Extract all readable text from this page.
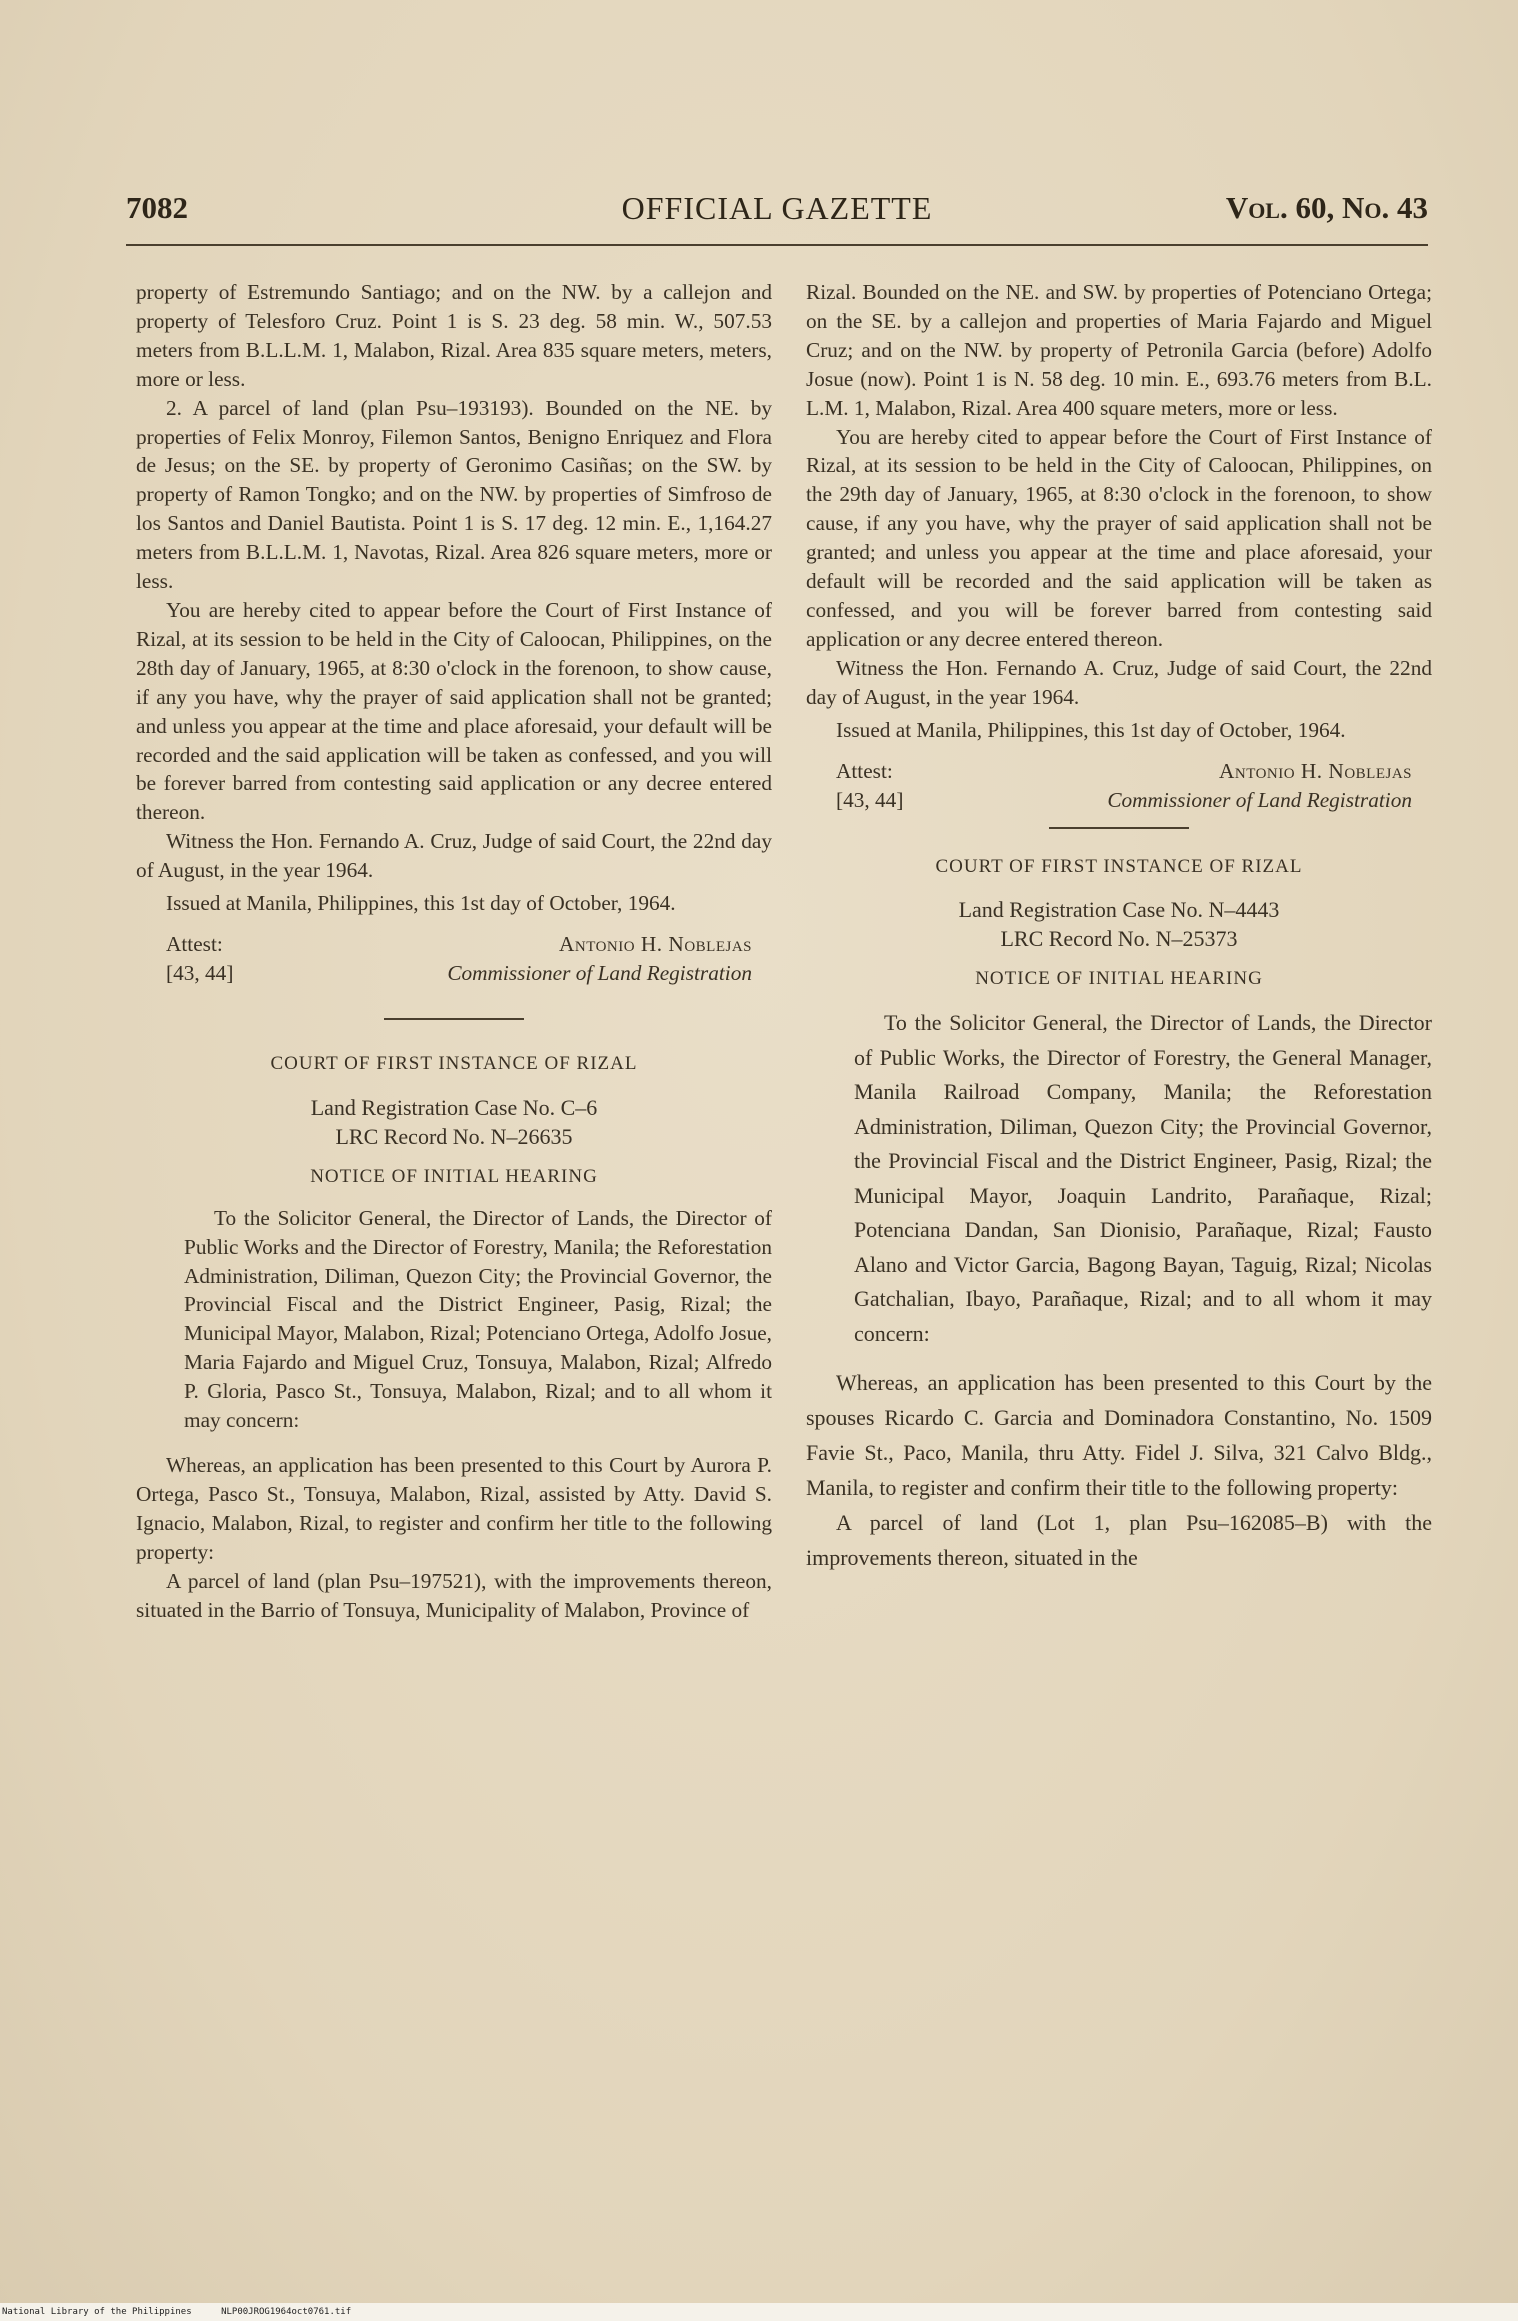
7082	OFFICIAL GAZETTE	Vol. 60, No. 43

property of Estremundo Santiago; and on the NW. by a callejon and property of Telesforo Cruz. Point 1 is S. 23 deg. 58 min. W., 507.53 meters from B.L.L.M. 1, Malabon, Rizal. Area 835 square meters, meters, more or less.

2. A parcel of land (plan Psu–193193). Bounded on the NE. by properties of Felix Monroy, Filemon Santos, Benigno Enriquez and Flora de Jesus; on the SE. by property of Geronimo Casiñas; on the SW. by property of Ramon Tongko; and on the NW. by properties of Simfroso de los Santos and Daniel Bautista. Point 1 is S. 17 deg. 12 min. E., 1,164.27 meters from B.L.L.M. 1, Navotas, Rizal. Area 826 square meters, more or less.

You are hereby cited to appear before the Court of First Instance of Rizal, at its session to be held in the City of Caloocan, Philippines, on the 28th day of January, 1965, at 8:30 o'clock in the forenoon, to show cause, if any you have, why the prayer of said application shall not be granted; and unless you appear at the time and place aforesaid, your default will be recorded and the said application will be taken as confessed, and you will be forever barred from contesting said application or any decree entered thereon.

Witness the Hon. Fernando A. Cruz, Judge of said Court, the 22nd day of August, in the year 1964.

Issued at Manila, Philippines, this 1st day of October, 1964.

Attest:	Antonio H. Noblejas
[43, 44]	Commissioner of Land Registration
COURT OF FIRST INSTANCE OF RIZAL
Land Registration Case No. C–6
LRC Record No. N–26635
NOTICE OF INITIAL HEARING

To the Solicitor General, the Director of Lands, the Director of Public Works and the Director of Forestry, Manila; the Reforestation Administration, Diliman, Quezon City; the Provincial Governor, the Provincial Fiscal and the District Engineer, Pasig, Rizal; the Municipal Mayor, Malabon, Rizal; Potenciano Ortega, Adolfo Josue, Maria Fajardo and Miguel Cruz, Tonsuya, Malabon, Rizal; Alfredo P. Gloria, Pasco St., Tonsuya, Malabon, Rizal; and to all whom it may concern:

Whereas, an application has been presented to this Court by Aurora P. Ortega, Pasco St., Tonsuya, Malabon, Rizal, assisted by Atty. David S. Ignacio, Malabon, Rizal, to register and confirm her title to the following property:

A parcel of land (plan Psu–197521), with the improvements thereon, situated in the Barrio of Tonsuya, Municipality of Malabon, Province of

Rizal. Bounded on the NE. and SW. by properties of Potenciano Ortega; on the SE. by a callejon and properties of Maria Fajardo and Miguel Cruz; and on the NW. by property of Petronila Garcia (before) Adolfo Josue (now). Point 1 is N. 58 deg. 10 min. E., 693.76 meters from B.L. L.M. 1, Malabon, Rizal. Area 400 square meters, more or less.

You are hereby cited to appear before the Court of First Instance of Rizal, at its session to be held in the City of Caloocan, Philippines, on the 29th day of January, 1965, at 8:30 o'clock in the forenoon, to show cause, if any you have, why the prayer of said application shall not be granted; and unless you appear at the time and place aforesaid, your default will be recorded and the said application will be taken as confessed, and you will be forever barred from contesting said application or any decree entered thereon.

Witness the Hon. Fernando A. Cruz, Judge of said Court, the 22nd day of August, in the year 1964.

Issued at Manila, Philippines, this 1st day of October, 1964.

Attest:	Antonio H. Noblejas
[43, 44]	Commissioner of Land Registration
COURT OF FIRST INSTANCE OF RIZAL
Land Registration Case No. N–4443
LRC Record No. N–25373
NOTICE OF INITIAL HEARING

To the Solicitor General, the Director of Lands, the Director of Public Works, the Director of Forestry, the General Manager, Manila Railroad Company, Manila; the Reforestation Administration, Diliman, Quezon City; the Provincial Governor, the Provincial Fiscal and the District Engineer, Pasig, Rizal; the Municipal Mayor, Joaquin Landrito, Parañaque, Rizal; Potenciana Dandan, San Dionisio, Parañaque, Rizal; Fausto Alano and Victor Garcia, Bagong Bayan, Taguig, Rizal; Nicolas Gatchalian, Ibayo, Parañaque, Rizal; and to all whom it may concern:

Whereas, an application has been presented to this Court by the spouses Ricardo C. Garcia and Dominadora Constantino, No. 1509 Favie St., Paco, Manila, thru Atty. Fidel J. Silva, 321 Calvo Bldg., Manila, to register and confirm their title to the following property:

A parcel of land (Lot 1, plan Psu–162085–B) with the improvements thereon, situated in the

National Library of the Philippines	NLP00JROG1964oct0761.tif
